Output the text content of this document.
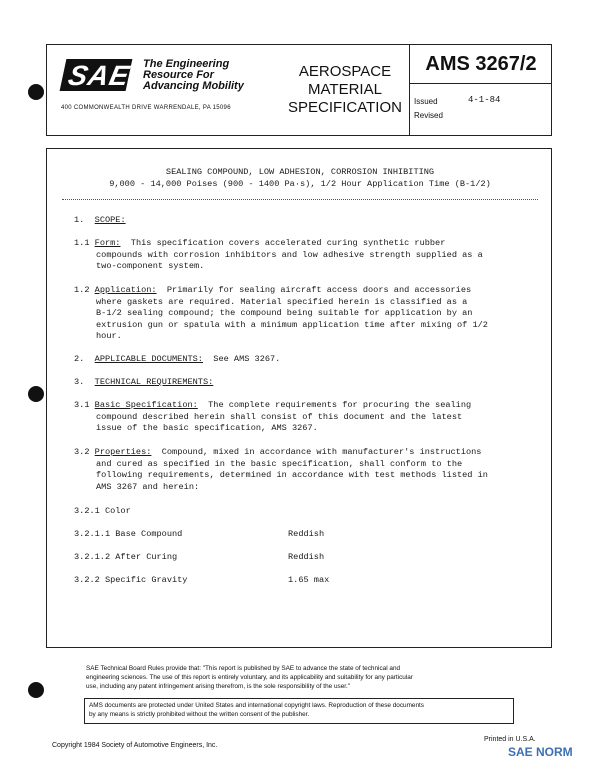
SAE The Engineering
Resource For
Advancing Mobility
400 COMMONWEALTH DRIVE WARRENDALE, PA 15096
AEROSPACE
MATERIAL
SPECIFICATION
AMS 3267/2
Issued	4-1-84
Revised
SEALING COMPOUND, LOW ADHESION, CORROSION INHIBITING
9,000 - 14,000 Poises (900 - 1400 Pa·s), 1/2 Hour Application Time (B-1/2)
1. SCOPE:
1.1 Form: This specification covers accelerated curing synthetic rubber
compounds with corrosion inhibitors and low adhesive strength supplied as a
two-component system.
1.2 Application: Primarily for sealing aircraft access doors and accessories
where gaskets are required. Material specified herein is classified as a
B-1/2 sealing compound; the compound being suitable for application by an
extrusion gun or spatula with a minimum application time after mixing of 1/2
hour.
2. APPLICABLE DOCUMENTS: See AMS 3267.
3. TECHNICAL REQUIREMENTS:
3.1 Basic Specification: The complete requirements for procuring the sealing
compound described herein shall consist of this document and the latest
issue of the basic specification, AMS 3267.
3.2 Properties: Compound, mixed in accordance with manufacturer's instructions
and cured as specified in the basic specification, shall conform to the
following requirements, determined in accordance with test methods listed in
AMS 3267 and herein:
3.2.1 Color
3.2.1.1 Base Compound	Reddish
3.2.1.2 After Curing	Reddish
3.2.2 Specific Gravity	1.65 max
SAE Technical Board Rules provide that: "This report is published by SAE to advance the state of technical and
engineering sciences. The use of this report is entirely voluntary, and its applicability and suitability for any particular
use, including any patent infringement arising therefrom, is the sole responsibility of the user."
AMS documents are protected under United States and international copyright laws. Reproduction of these documents
by any means is strictly prohibited without the written consent of the publisher.
Copyright 1984 Society of Automotive Engineers, Inc.
Printed in U.S.A.
SAE NORM
